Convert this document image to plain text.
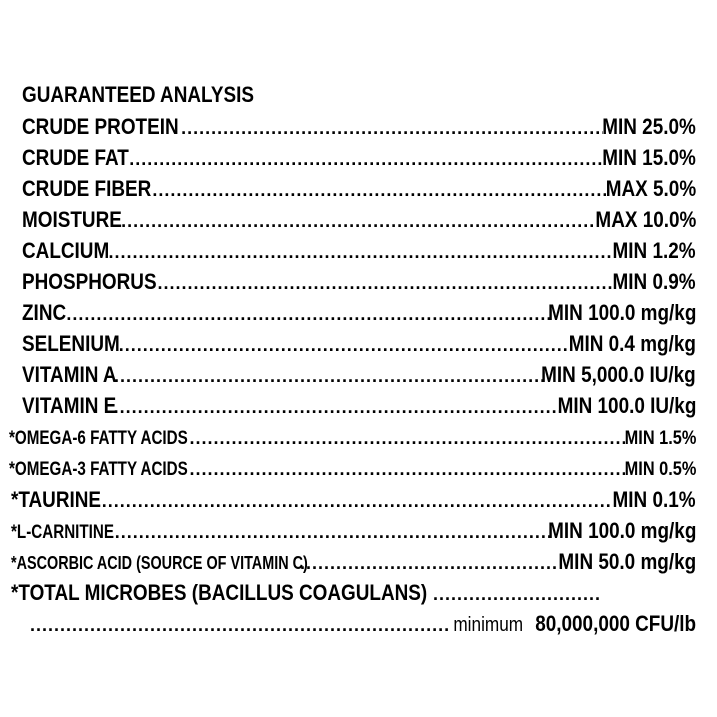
GUARANTEED ANALYSIS
CRUDE PROTEIN .....	MIN 25.0%
CRUDE FAT .....	MIN 15.0%
CRUDE FIBER .....	MAX 5.0%
MOISTURE .....	MAX 10.0%
CALCIUM .....	MIN 1.2%
PHOSPHORUS .....	MIN 0.9%
ZINC .....	MIN 100.0 mg/kg
SELENIUM .....	MIN 0.4 mg/kg
VITAMIN A .....	MIN 5,000.0 IU/kg
VITAMIN E .....	MIN 100.0 IU/kg
*OMEGA-6 FATTY ACIDS .....	MIN 1.5%
*OMEGA-3 FATTY ACIDS .....	MIN 0.5%
*TAURINE .....	MIN 0.1%
*L-CARNITINE .....	MIN 100.0 mg/kg
*ASCORBIC ACID (SOURCE OF VITAMIN C) .....	MIN 50.0 mg/kg
*TOTAL MICROBES (BACILLUS COAGULANS)
.....
.....
minimum 80,000,000 CFU/lb
